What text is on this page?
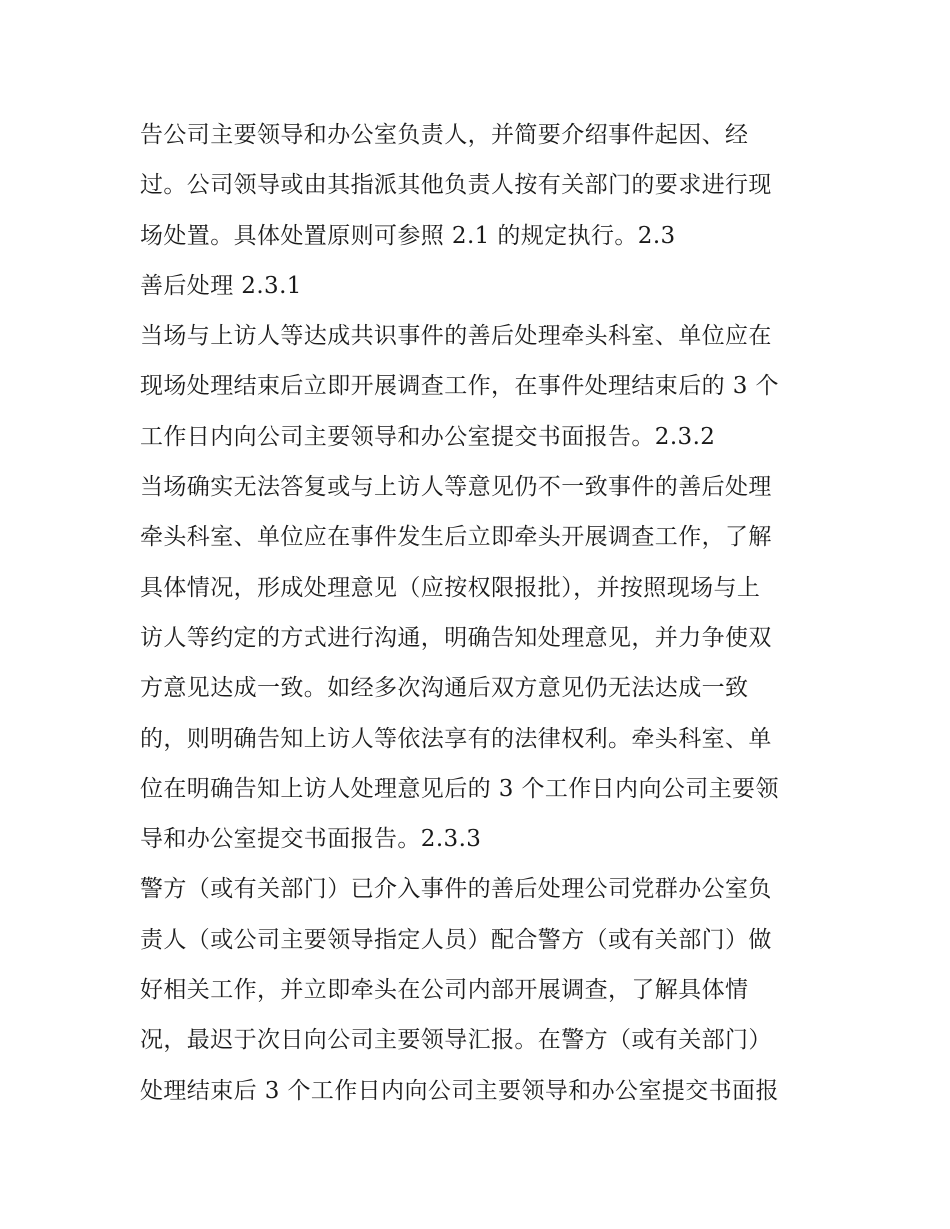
告公司主要领导和办公室负责人，并简要介绍事件起因、经
过。公司领导或由其指派其他负责人按有关部门的要求进行现
场处置。具体处置原则可参照 2.1 的规定执行。2.3
善后处理 2.3.1
当场与上访人等达成共识事件的善后处理牵头科室、单位应在
现场处理结束后立即开展调查工作，在事件处理结束后的 3 个
工作日内向公司主要领导和办公室提交书面报告。2.3.2
当场确实无法答复或与上访人等意见仍不一致事件的善后处理
牵头科室、单位应在事件发生后立即牵头开展调查工作，了解
具体情况，形成处理意见（应按权限报批），并按照现场与上
访人等约定的方式进行沟通，明确告知处理意见，并力争使双
方意见达成一致。如经多次沟通后双方意见仍无法达成一致
的，则明确告知上访人等依法享有的法律权利。牵头科室、单
位在明确告知上访人处理意见后的 3 个工作日内向公司主要领
导和办公室提交书面报告。2.3.3
警方（或有关部门）已介入事件的善后处理公司党群办公室负
责人（或公司主要领导指定人员）配合警方（或有关部门）做
好相关工作，并立即牵头在公司内部开展调查，了解具体情
况，最迟于次日向公司主要领导汇报。在警方（或有关部门）
处理结束后 3 个工作日内向公司主要领导和办公室提交书面报
